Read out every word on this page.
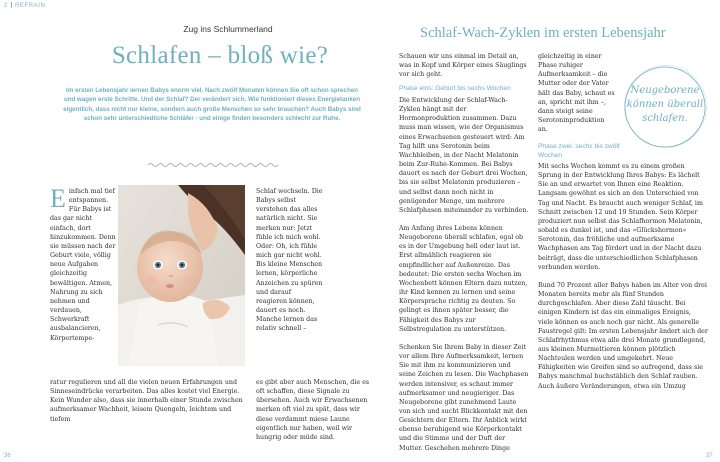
2 REFRAIN
36	37
Zug ins Schlummerland
Schlafen – bloß wie?
Im ersten Lebensjahr lernen Babys enorm viel. Nach zwölf Monaten können Sie oft schon sprechen und wagen erste Schritte. Und der Schlaf? Der verändert sich. Wie funktioniert dieses Energietanken eigentlich, dass nicht nur kleine, sondern auch große Menschen so sehr brauchen? Auch Babys sind schon sehr unterschiedliche Schläfer - und einige finden besonders schlecht zur Ruhe.
Einfach mal tief entspannen. Für Babys ist das gar nicht einfach, dort hinzukommen. Denn sie müssen nach der Geburt viele, völlig neue Aufgaben gleichzeitig bewältigen. Atmen, Nahrung zu sich nehmen und verdauen, Schwerkraft ausbalancieren, Körpertempe-
ratur regulieren und all die vielen neuen Erfahrungen und Sinneseindrücke verarbeiten. Das alles kostet viel Energie. Kein Wunder also, dass sie innerhalb einer Stunde zwischen aufmerksamer Wachheit, leisem Quengeln, leichtem und tiefem
Schlaf wechseln. Die Babys selbst verstehen das alles natürlich nicht. Sie merken nur: Jetzt fühle ich mich wohl. Oder: Oh, ich fühle mich gar nicht wohl. Bis kleine Menschen lernen, körperliche Anzeichen zu spüren und darauf reagieren können, dauert es noch. Manche lernen das relativ schnell –
es gibt aber auch Menschen, die es oft schaffen, diese Signale zu übersehen. Auch wir Erwachsenen merken oft viel zu spät, dass wir diese verdammt miese Laune eigentlich nur haben, weil wir hungrig oder müde sind.
Schlaf-Wach-Zyklen im ersten Lebensjahr

Schauen wir uns einmal im Detail an, was in Kopf und Körper eines Säuglings vor sich geht.

Phase eins: Geburt bis sechs Wochen

Die Entwicklung der Schlaf-Wach-Zyklen hängt mit der Hormonproduktion zusammen. Dazu muss man wissen, wie der Organismus eines Erwachsenen gesteuert wird: Am Tag hilft uns Serotonin beim Wachbleiben, in der Nacht Melatonin beim Zur-Ruhe-Kommen. Bei Babys dauert es nach der Geburt drei Wochen, bis sie selbst Melatonin produzieren – und selbst dann noch nicht in genügender Menge, um mehrere Schlafphasen miteinander zu verbinden.

Am Anfang ihres Lebens können Neugeborene überall schlafen, egal ob es in der Umgebung hell oder laut ist. Erst allmählich reagieren sie empfindlicher auf Außenreize. Das bedeutet: Die ersten sechs Wochen im Wochenbett können Eltern dazu nutzen, ihr Kind kennen zu lernen und seine Körpersprache richtig zu deuten. So gelingt es ihnen später besser, die Fähigkeit des Babys zur Selbstregulation zu unterstützen.

Schenken Sie Ihrem Baby in dieser Zeit vor allem Ihre Aufmerksamkeit, lernen Sie mit ihm zu kommunizieren und seine Zeichen zu lesen. Die Wachphasen werden intensiver, es schaut immer aufmerksamer und neugieriger. Das Neugeborene gibt zunehmend Laute von sich und sucht Blickkontakt mit den Gesichtern der Eltern. Ihr Anblick wirkt ebenso beruhigend wie Körperkontakt und die Stimme und der Duft der Mutter. Geschehen mehrere Dinge

gleichzeitig in einer Phase ruhiger Aufmerksamkeit – die Mutter oder der Vater hält das Baby, schaut es an, spricht mit ihm –, dann steigt seine Serotoninproduktion an.
Neugeborene
können überall
schlafen.

Phase zwei: sechs bis zwölf Wochen

Mit sechs Wochen kommt es zu einem großen Sprung in der Entwicklung Ihres Babys: Es lächelt Sie an und erwartet von Ihnen eine Reaktion. Langsam gewöhnt es sich an den Unterschied von Tag und Nacht. Es braucht auch weniger Schlaf, im Schnitt zwischen 12 und 19 Stunden. Sein Körper produziert nun selbst das Schlafhormon Melatonin, sobald es dunkel ist, und das »Glückshormon« Serotonin, das fröhliche und aufmerksame Wachphasen am Tag fördert und in der Nacht dazu beiträgt, dass die unterschiedlichen Schlafphasen verbunden werden.

Rund 70 Prozent aller Babys haben im Alter von drei Monaten bereits mehr als fünf Stunden durchgeschlafen. Aber diese Zahl täuscht. Bei einigen Kindern ist das ein einmaliges Ereignis, viele können es auch noch gar nicht. Als generelle Faustregel gilt: Im ersten Lebensjahr ändert sich der Schlafrhythmus etwa alle drei Monate grundlegend, aus kleinen Murmeltieren können plötzlich Nachteulen werden und umgekehrt. Neue Fähigkeiten wie Greifen sind so aufregend, dass sie Babys manchmal buchstäblich den Schlaf rauben. Auch äußere Veränderungen, etwa ein Umzug
